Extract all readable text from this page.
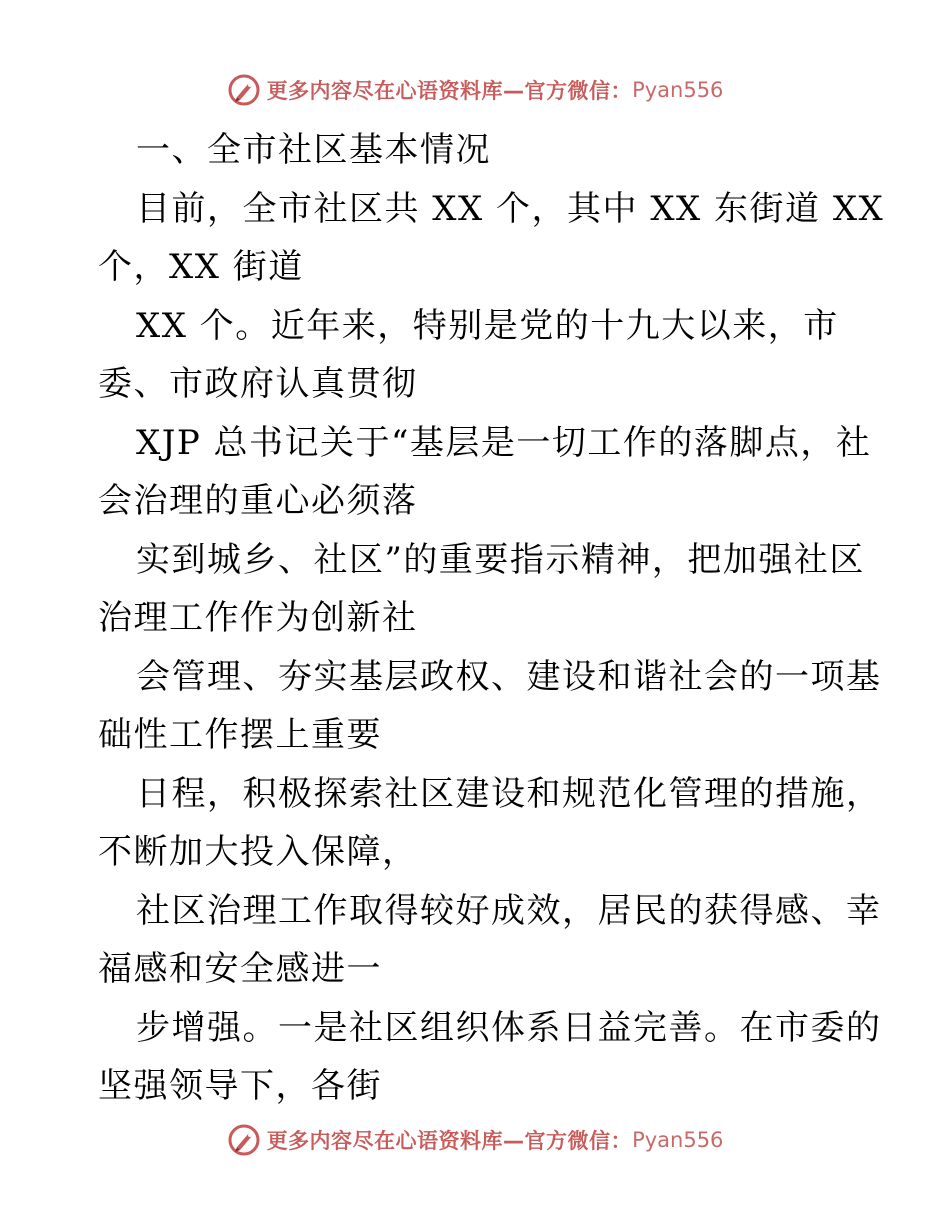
更多内容尽在心语资料库—官方微信： Pyan556
一、全市社区基本情况
目前，全市社区共 XX 个，其中 XX 东街道 XX
个，XX 街道
XX 个。近年来，特别是党的十九大以来，市
委、市政府认真贯彻
XJP 总书记关于“基层是一切工作的落脚点，社
会治理的重心必须落
实到城乡、社区”的重要指示精神，把加强社区
治理工作作为创新社
会管理、夯实基层政权、建设和谐社会的一项基
础性工作摆上重要
日程，积极探索社区建设和规范化管理的措施，
不断加大投入保障，
社区治理工作取得较好成效，居民的获得感、幸
福感和安全感进一
步增强。一是社区组织体系日益完善。在市委的
坚强领导下，各街
更多内容尽在心语资料库—官方微信： Pyan556
